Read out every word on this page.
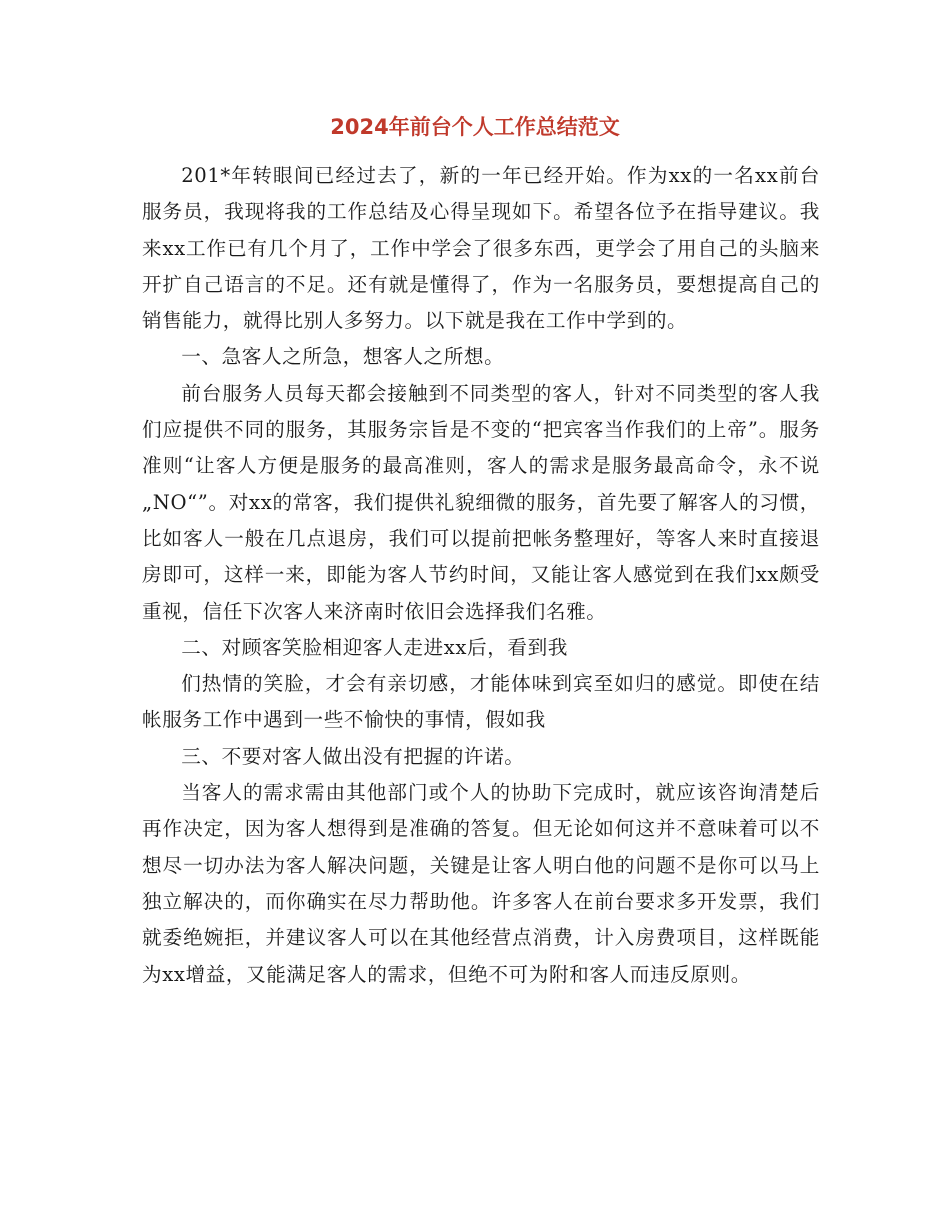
2024年前台个人工作总结范文

201*年转眼间已经过去了，新的一年已经开始。作为xx的一名xx前台服务员，我现将我的工作总结及心得呈现如下。希望各位予在指导建议。我来xx工作已有几个月了，工作中学会了很多东西，更学会了用自己的头脑来开扩自己语言的不足。还有就是懂得了，作为一名服务员，要想提高自己的销售能力，就得比别人多努力。以下就是我在工作中学到的。

一、急客人之所急，想客人之所想。

前台服务人员每天都会接触到不同类型的客人，针对不同类型的客人我们应提供不同的服务，其服务宗旨是不变的“把宾客当作我们的上帝”。服务准则“让客人方便是服务的最高准则，客人的需求是服务最高命令，永不说„NO“”。对xx的常客，我们提供礼貌细微的服务，首先要了解客人的习惯，比如客人一般在几点退房，我们可以提前把帐务整理好，等客人来时直接退房即可，这样一来，即能为客人节约时间，又能让客人感觉到在我们xx颇受重视，信任下次客人来济南时依旧会选择我们名雅。

二、对顾客笑脸相迎客人走进xx后，看到我

们热情的笑脸，才会有亲切感，才能体味到宾至如归的感觉。即使在结帐服务工作中遇到一些不愉快的事情，假如我

三、不要对客人做出没有把握的许诺。

当客人的需求需由其他部门或个人的协助下完成时，就应该咨询清楚后再作决定，因为客人想得到是准确的答复。但无论如何这并不意味着可以不想尽一切办法为客人解决问题，关键是让客人明白他的问题不是你可以马上独立解决的，而你确实在尽力帮助他。许多客人在前台要求多开发票，我们就委绝婉拒，并建议客人可以在其他经营点消费，计入房费项目，这样既能为xx增益，又能满足客人的需求，但绝不可为附和客人而违反原则。
